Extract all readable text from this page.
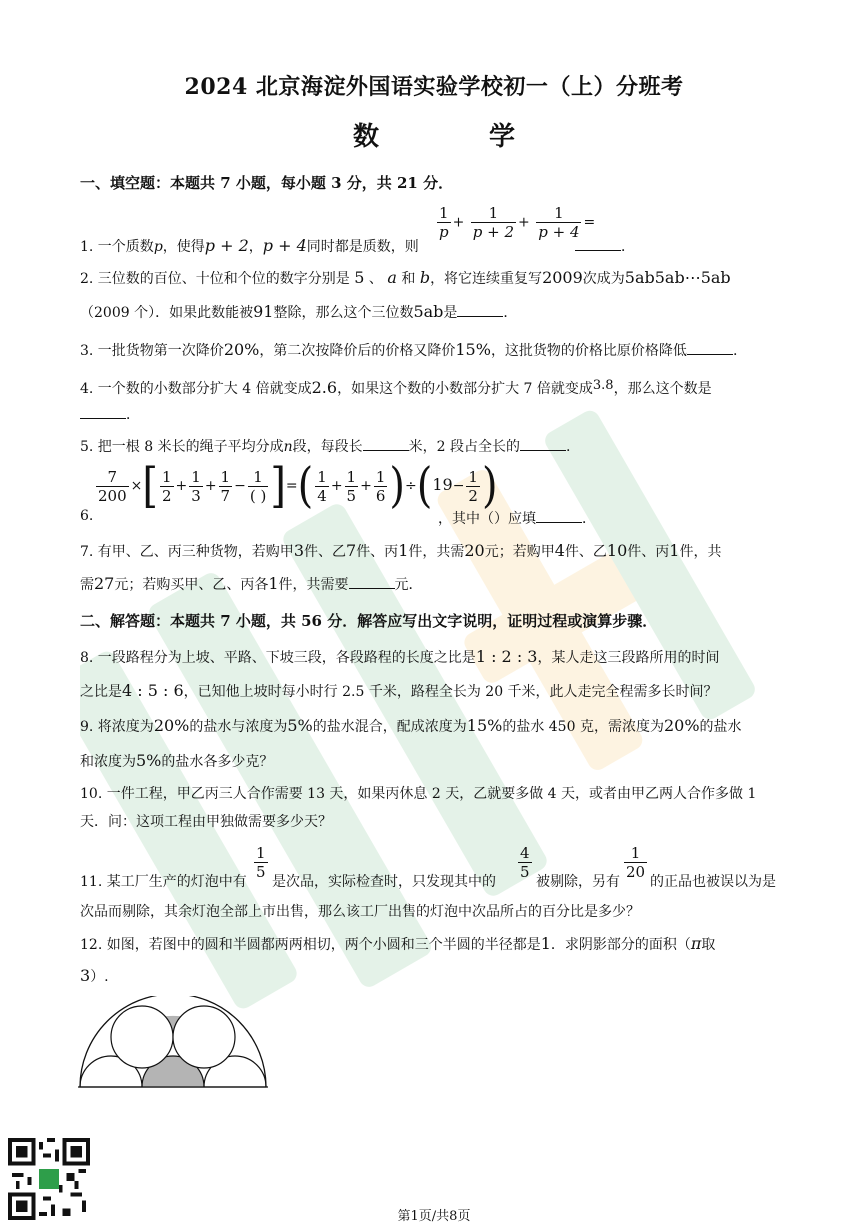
2024 北京海淀外国语实验学校初一（上）分班考
数　学
一、填空题：本题共 7 小题，每小题 3 分，共 21 分．
$\frac{1}{p} + \frac{1}{p + 2} + \frac{1}{p + 4}$ =
1. 一个质数p，使得p + 2，p + 4同时都是质数，则	．
2. 三位数的百位、十位和个位的数字分别是 5 、 a 和 b，将它连续重复写2009次成为5ab5ab⋯5ab
（2009 个）．如果此数能被91整除，那么这个三位数5ab是	．
3. 一批货物第一次降价20%，第二次按降价后的价格又降价15%，这批货物的价格比原价格降低	.
4. 一个数的小数部分扩大 4 倍就变成2.6，如果这个数的小数部分扩大 7 倍就变成3.8，那么这个数是
．
5. 把一根 8 米长的绳子平均分成n段，每段长	米，2 段占全长的	.
6.
$\frac{7}{200}$ ×[ $\frac{1}{2} + \frac{1}{3} + \frac{1}{7} - \frac{1}{( )}$ ]=( $\frac{1}{4} + \frac{1}{5} + \frac{1}{6} )\div(19- \frac{1}{2}$ )
，其中（）应填	．
7. 有甲、乙、丙三种货物，若购甲3件、乙7件、丙1件，共需20元；若购甲4件、乙10件、丙1件，共
需27元；若购买甲、乙、丙各1件，共需要	元．
二、解答题：本题共 7 小题，共 56 分．解答应写出文字说明，证明过程或演算步骤．
8. 一段路程分为上坡、平路、下坡三段，各段路程的长度之比是1 : 2 : 3，某人走这三段路所用的时间
之比是4 : 5 : 6，已知他上坡时每小时行 2.5 千米，路程全长为 20 千米，此人走完全程需多长时间？
9. 将浓度为20%的盐水与浓度为5%的盐水混合，配成浓度为15%的盐水 450 克，需浓度为20%的盐水
和浓度为5%的盐水各多少克？
10. 一件工程，甲乙丙三人合作需要 13 天，如果丙休息 2 天，乙就要多做 4 天，或者由甲乙两人合作多做 1
天．问：这项工程由甲独做需要多少天？
11. 某工厂生产的灯泡中有
$\frac{1}{5}$
是次品，实际检查时，只发现其中的
$\frac{4}{5}$
被剔除，另有
$\frac{1}{20}$
的正品也被误以为是
次品而剔除，其余灯泡全部上市出售，那么该工厂出售的灯泡中次品所占的百分比是多少？
12. 如图，若图中的圆和半圆都两两相切，两个小圆和三个半圆的半径都是1．求阴影部分的面积（π取
3）.
第1页/共8页
